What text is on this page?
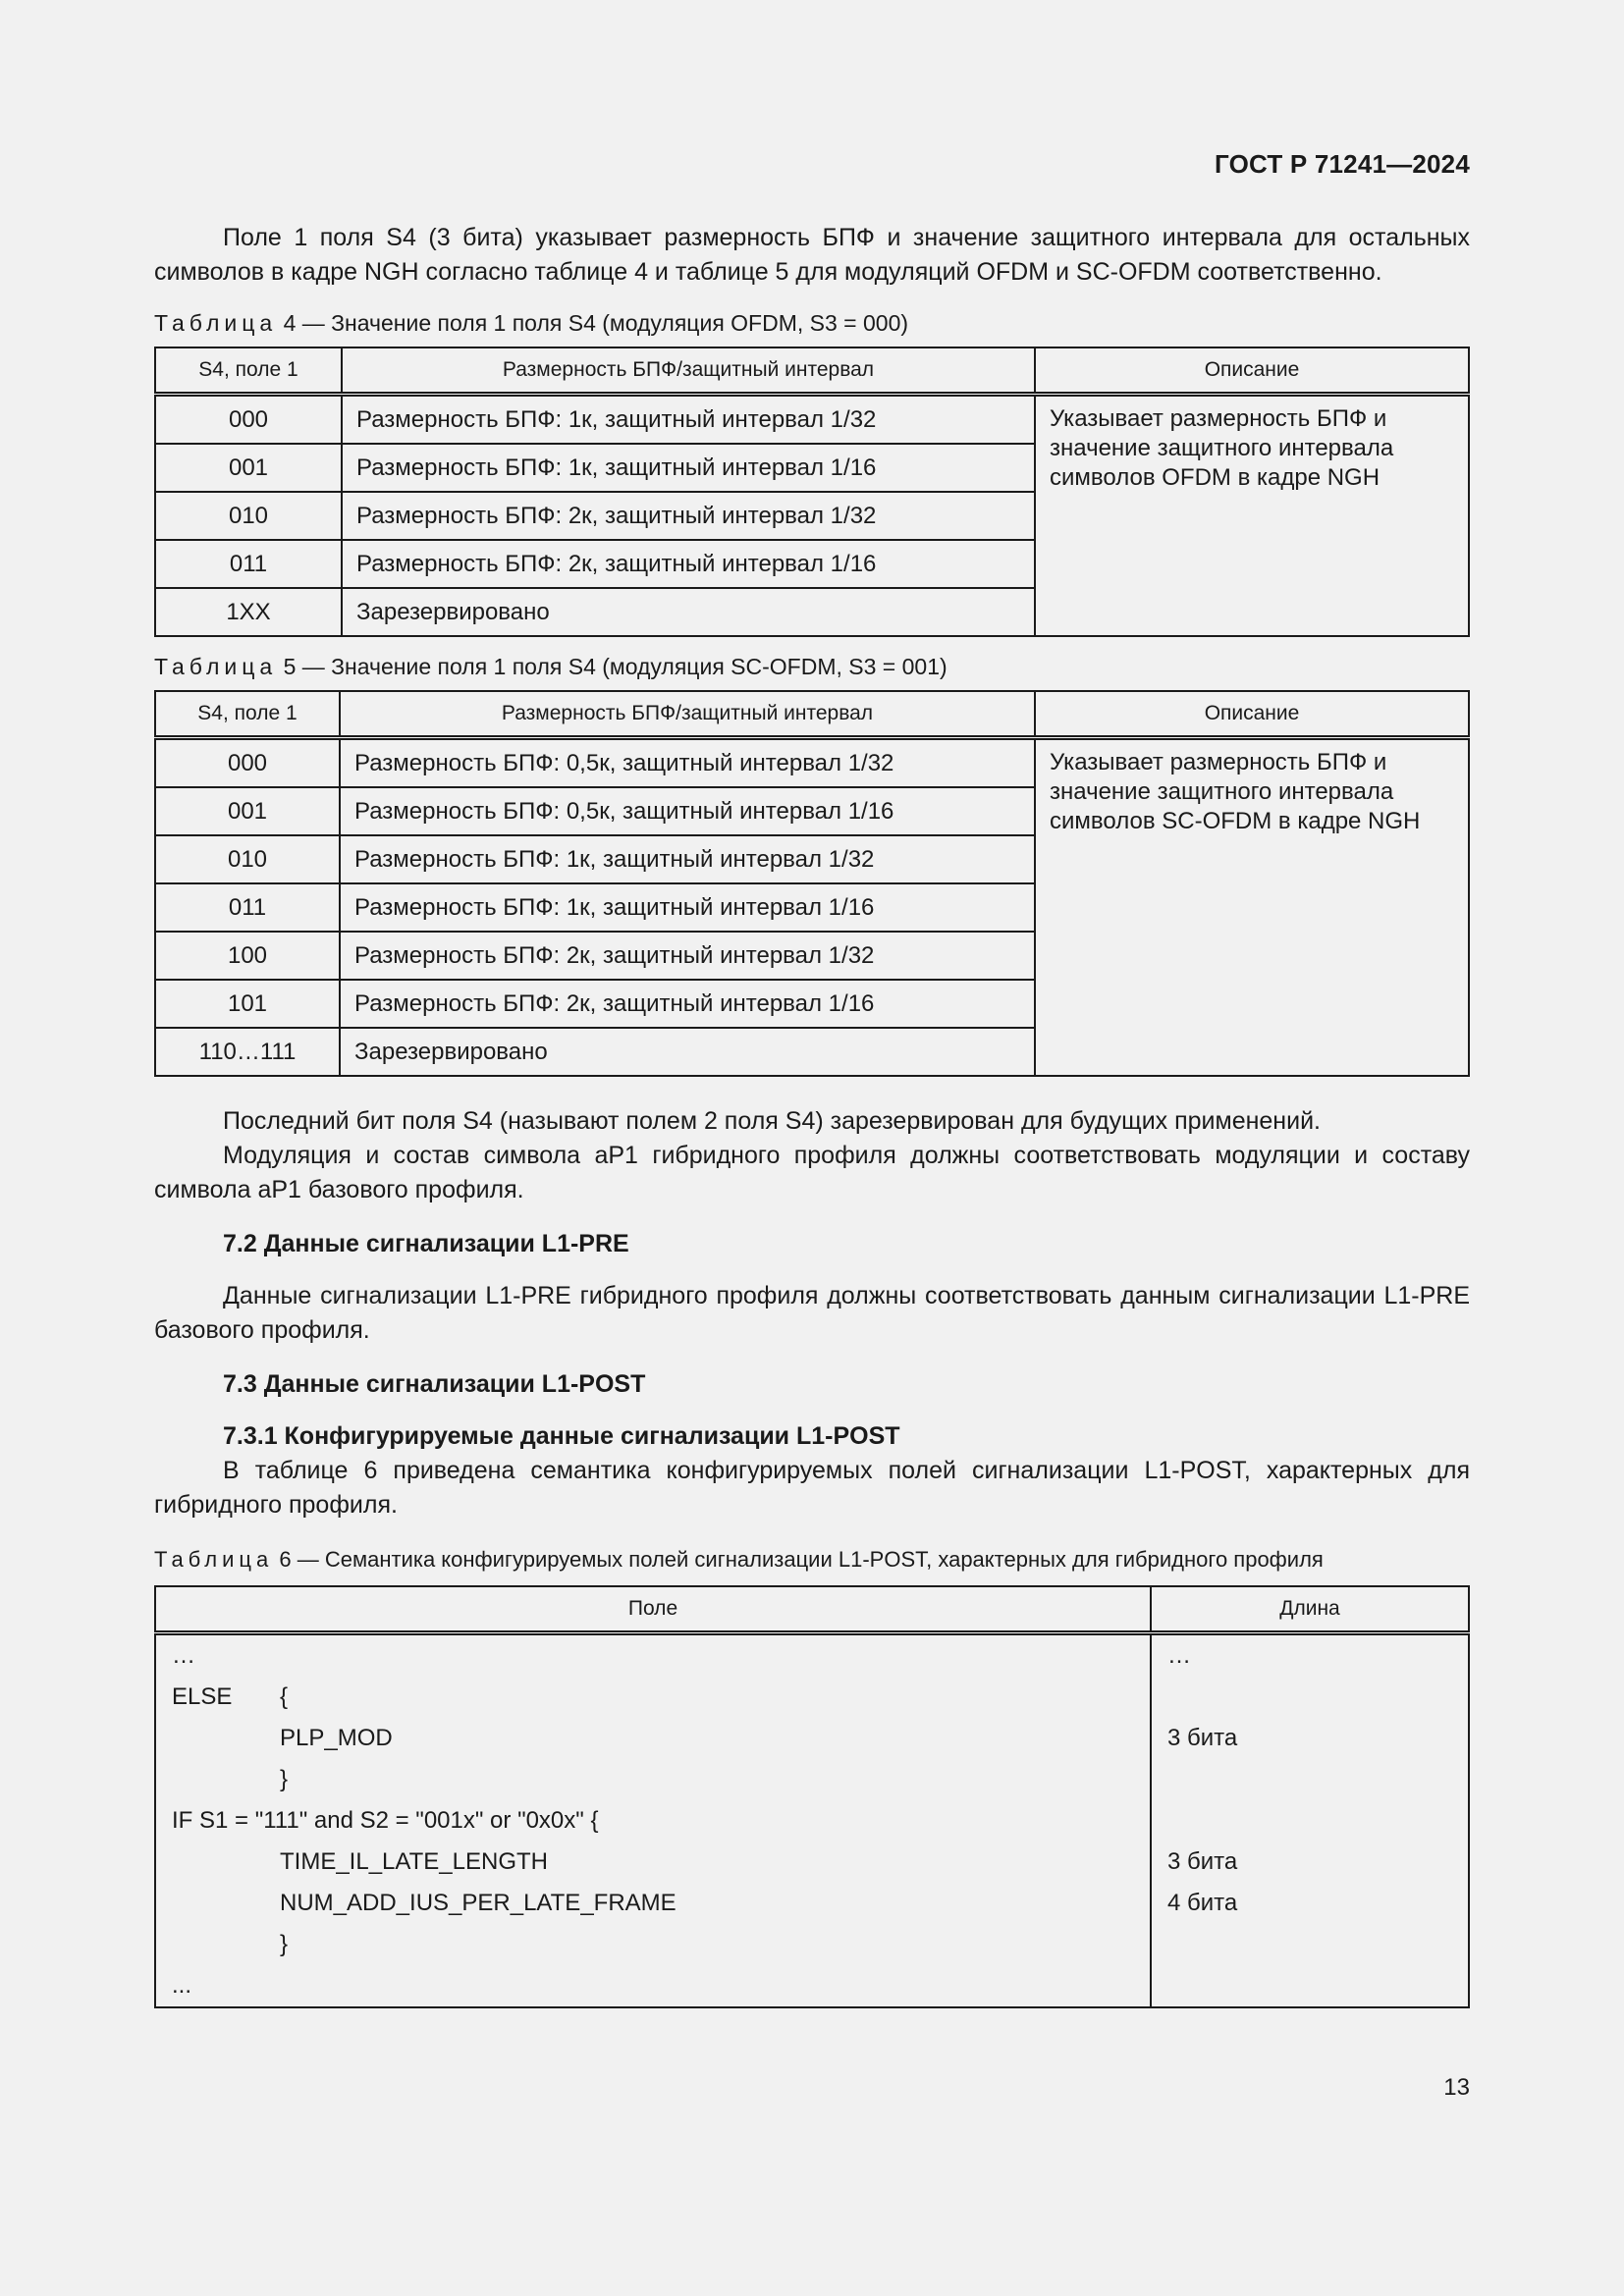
ГОСТ Р 71241—2024

Поле 1 поля S4 (3 бита) указывает размерность БПФ и значение защитного интервала для остальных символов в кадре NGH согласно таблице 4 и таблице 5 для модуляций OFDM и SC-OFDM соответственно.

Таблица 4 — Значение поля 1 поля S4 (модуляция OFDM, S3 = 000)
S4, поле 1	Размерность БПФ/защитный интервал	Описание
000	Размерность БПФ: 1к, защитный интервал 1/32	Указывает размерность БПФ и значение защитного интервала символов OFDM в кадре NGH
001	Размерность БПФ: 1к, защитный интервал 1/16	
010	Размерность БПФ: 2к, защитный интервал 1/32	
011	Размерность БПФ: 2к, защитный интервал 1/16	
1XX	Зарезервировано	
Таблица 5 — Значение поля 1 поля S4 (модуляция SC-OFDM, S3 = 001)
S4, поле 1	Размерность БПФ/защитный интервал	Описание
000	Размерность БПФ: 0,5к, защитный интервал 1/32	Указывает размерность БПФ и значение защитного интервала символов SC-OFDM в кадре NGH
001	Размерность БПФ: 0,5к, защитный интервал 1/16	
010	Размерность БПФ: 1к, защитный интервал 1/32	
011	Размерность БПФ: 1к, защитный интервал 1/16	
100	Размерность БПФ: 2к, защитный интервал 1/32	
101	Размерность БПФ: 2к, защитный интервал 1/16	
110…111	Зарезервировано	

Последний бит поля S4 (называют полем 2 поля S4) зарезервирован для будущих применений.

Модуляция и состав символа aP1 гибридного профиля должны соответствовать модуляции и составу символа aP1 базового профиля.

7.2 Данные сигнализации L1-PRE

Данные сигнализации L1-PRE гибридного профиля должны соответствовать данным сигнализации L1-PRE базового профиля.

7.3 Данные сигнализации L1-POST
7.3.1 Конфигурируемые данные сигнализации L1-POST

В таблице 6 приведена семантика конфигурируемых полей сигнализации L1-POST, характерных для гибридного профиля.

Таблица 6 — Семантика конфигурируемых полей сигнализации L1-POST, характерных для гибридного профиля
Поле	Длина
…	…
ELSE {	
PLP_MOD	3 бита
}	
IF S1 = "111" and S2 = "001x" or "0x0x" {	
TIME_IL_LATE_LENGTH	3 бита
NUM_ADD_IUS_PER_LATE_FRAME	4 бита
}	
...	
13
